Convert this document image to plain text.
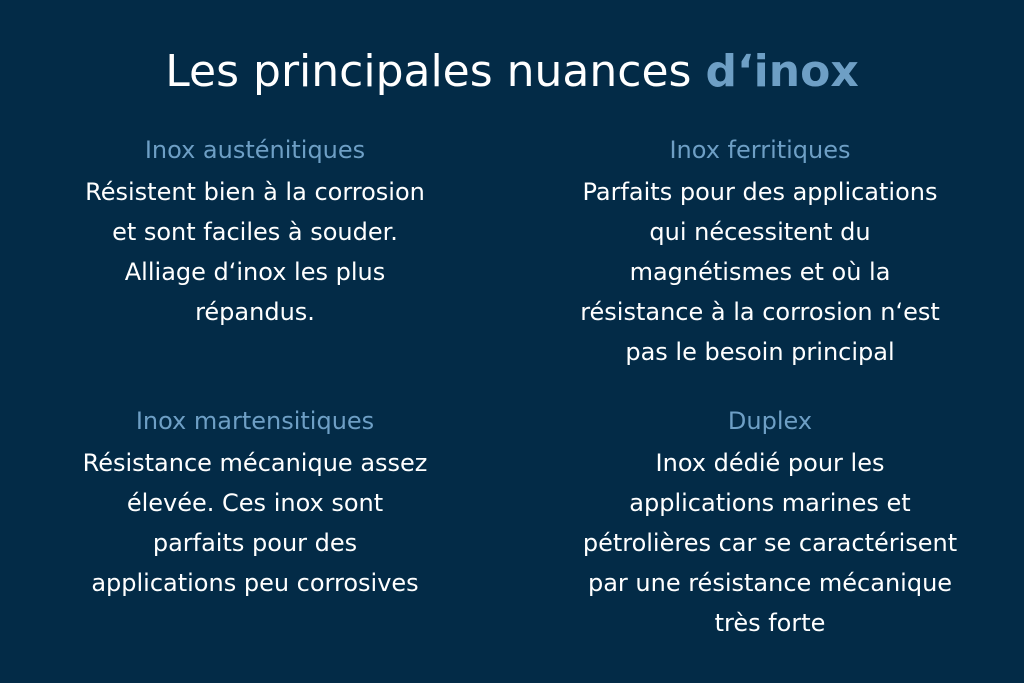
Les principales nuances d‘inox
Inox austénitiques
Résistent bien à la corrosion
et sont faciles à souder.
Alliage d‘inox les plus
répandus.
Inox ferritiques
Parfaits pour des applications
qui nécessitent du
magnétismes et où la
résistance à la corrosion n‘est
pas le besoin principal
Inox martensitiques
Résistance mécanique assez
élevée. Ces inox sont
parfaits pour des
applications peu corrosives
Duplex
Inox dédié pour les
applications marines et
pétrolières car se caractérisent
par une résistance mécanique
très forte
